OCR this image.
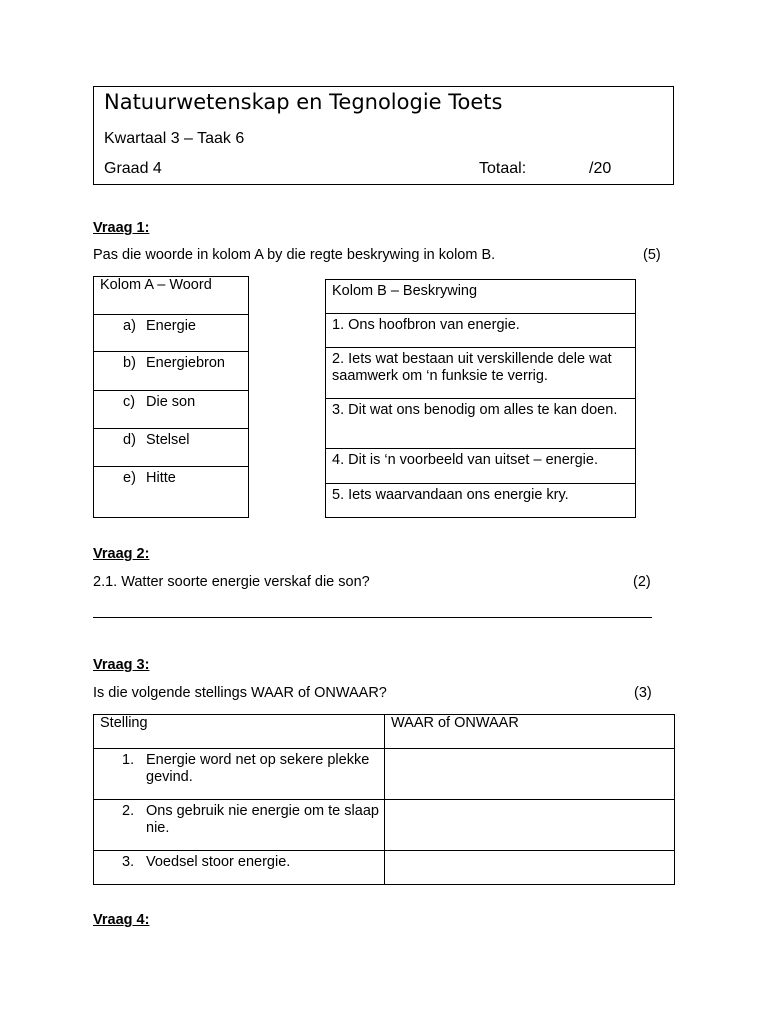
Natuurwetenskap en Tegnologie Toets
Kwartaal 3 – Taak 6
Graad 4	Totaal:	/20
Vraag 1:
Pas die woorde in kolom A by die regte beskrywing in kolom B.	(5)
Kolom A – Woord

a) Energie

b) Energiebron

c) Die son

d) Stelsel

e) Hitte
Kolom B – Beskrywing

1. Ons hoofbron van energie.

2. Iets wat bestaan uit verskillende dele wat saamwerk om ‘n funksie te verrig.

3. Dit wat ons benodig om alles te kan doen.

4. Dit is ‘n voorbeeld van uitset – energie.

5. Iets waarvandaan ons energie kry.
Vraag 2:
2.1. Watter soorte energie verskaf die son?	(2)
Vraag 3:
Is die volgende stellings WAAR of ONWAAR?	(3)
Stelling	WAAR of ONWAAR

1. Energie word net op sekere plekke gevind.	

2. Ons gebruik nie energie om te slaap nie.	

3. Voedsel stoor energie.	

Vraag 4:
